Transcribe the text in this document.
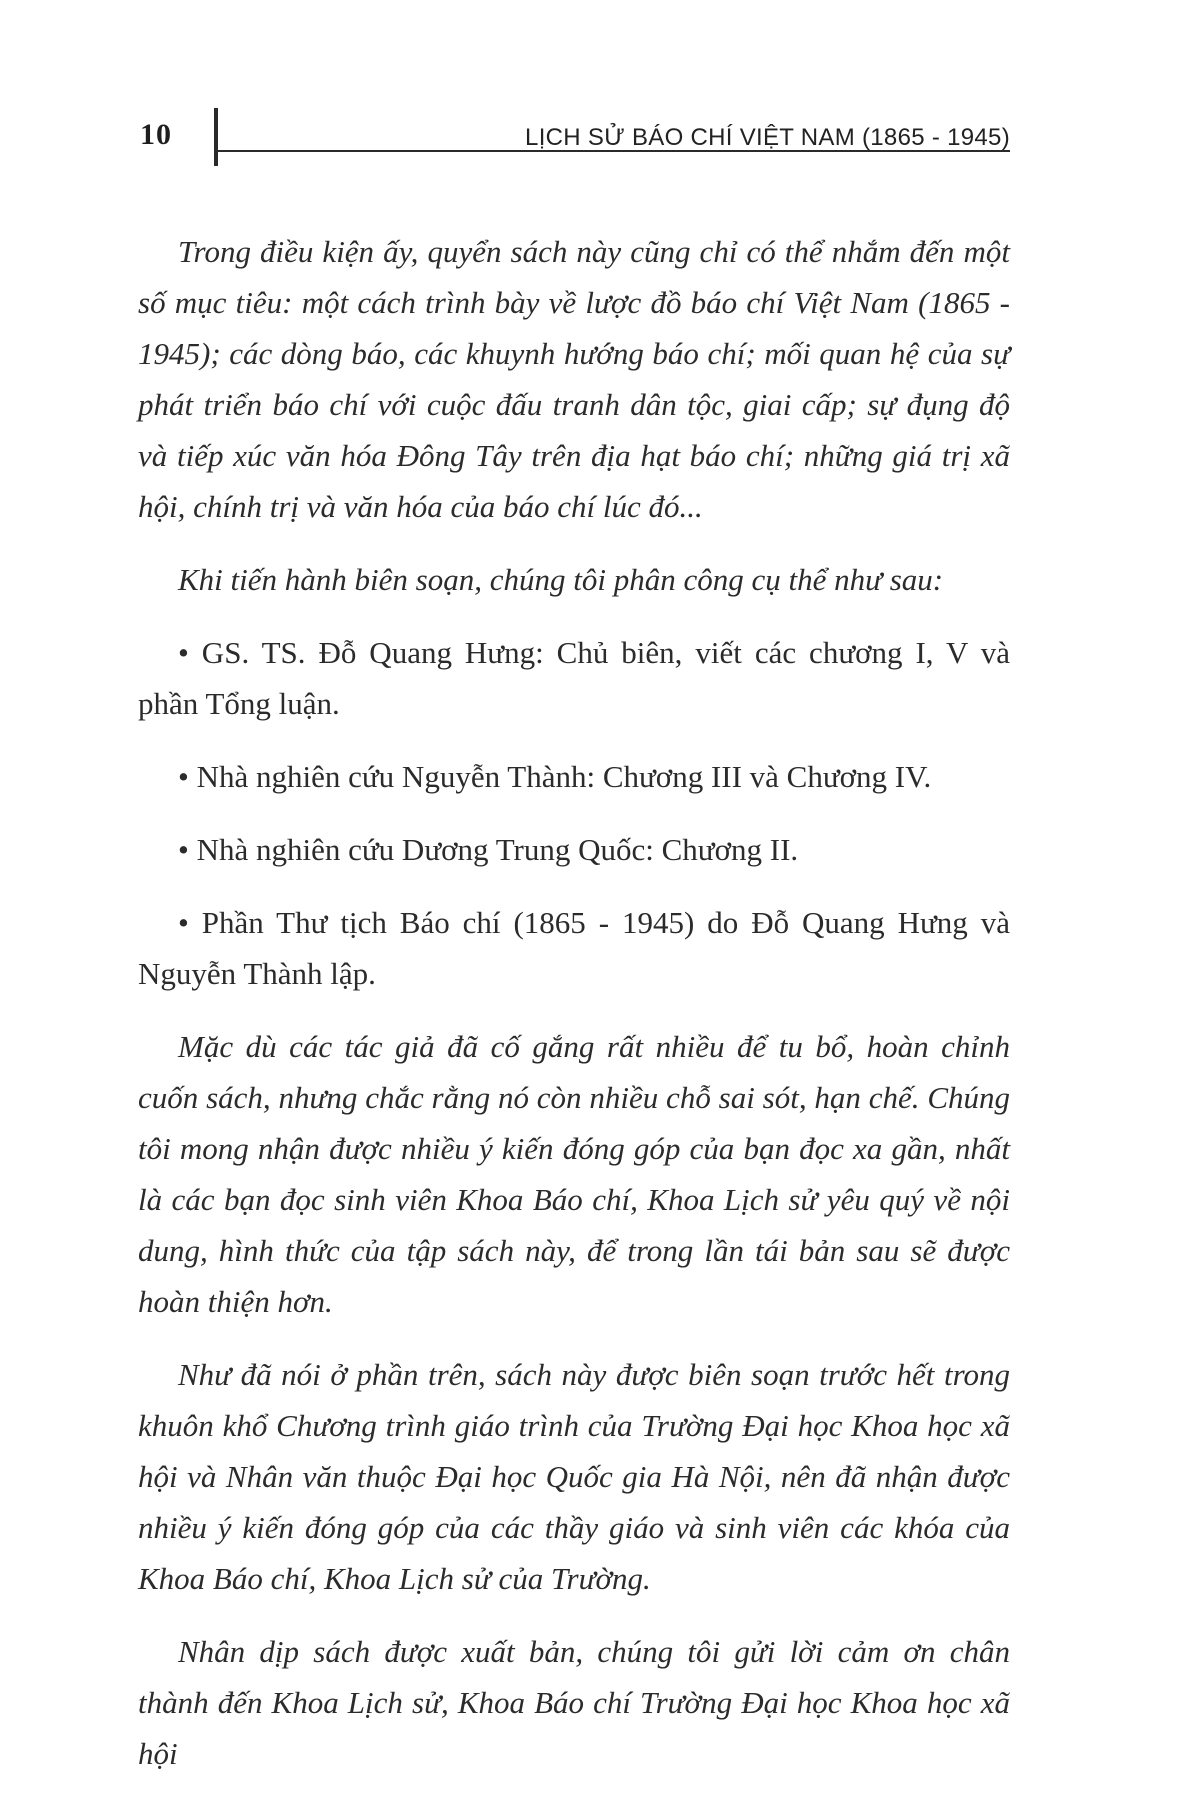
10	LỊCH SỬ BÁO CHÍ VIỆT NAM (1865 - 1945)

Trong điều kiện ấy, quyển sách này cũng chỉ có thể nhắm đến một số mục tiêu: một cách trình bày về lược đồ báo chí Việt Nam (1865 - 1945); các dòng báo, các khuynh hướng báo chí; mối quan hệ của sự phát triển báo chí với cuộc đấu tranh dân tộc, giai cấp; sự đụng độ và tiếp xúc văn hóa Đông Tây trên địa hạt báo chí; những giá trị xã hội, chính trị và văn hóa của báo chí lúc đó...

Khi tiến hành biên soạn, chúng tôi phân công cụ thể như sau:

• GS. TS. Đỗ Quang Hưng: Chủ biên, viết các chương I, V và phần Tổng luận.

• Nhà nghiên cứu Nguyễn Thành: Chương III và Chương IV.

• Nhà nghiên cứu Dương Trung Quốc: Chương II.

• Phần Thư tịch Báo chí (1865 - 1945) do Đỗ Quang Hưng và Nguyễn Thành lập.

Mặc dù các tác giả đã cố gắng rất nhiều để tu bổ, hoàn chỉnh cuốn sách, nhưng chắc rằng nó còn nhiều chỗ sai sót, hạn chế. Chúng tôi mong nhận được nhiều ý kiến đóng góp của bạn đọc xa gần, nhất là các bạn đọc sinh viên Khoa Báo chí, Khoa Lịch sử yêu quý về nội dung, hình thức của tập sách này, để trong lần tái bản sau sẽ được hoàn thiện hơn.

Như đã nói ở phần trên, sách này được biên soạn trước hết trong khuôn khổ Chương trình giáo trình của Trường Đại học Khoa học xã hội và Nhân văn thuộc Đại học Quốc gia Hà Nội, nên đã nhận được nhiều ý kiến đóng góp của các thầy giáo và sinh viên các khóa của Khoa Báo chí, Khoa Lịch sử của Trường.

Nhân dịp sách được xuất bản, chúng tôi gửi lời cảm ơn chân thành đến Khoa Lịch sử, Khoa Báo chí Trường Đại học Khoa học xã hội
